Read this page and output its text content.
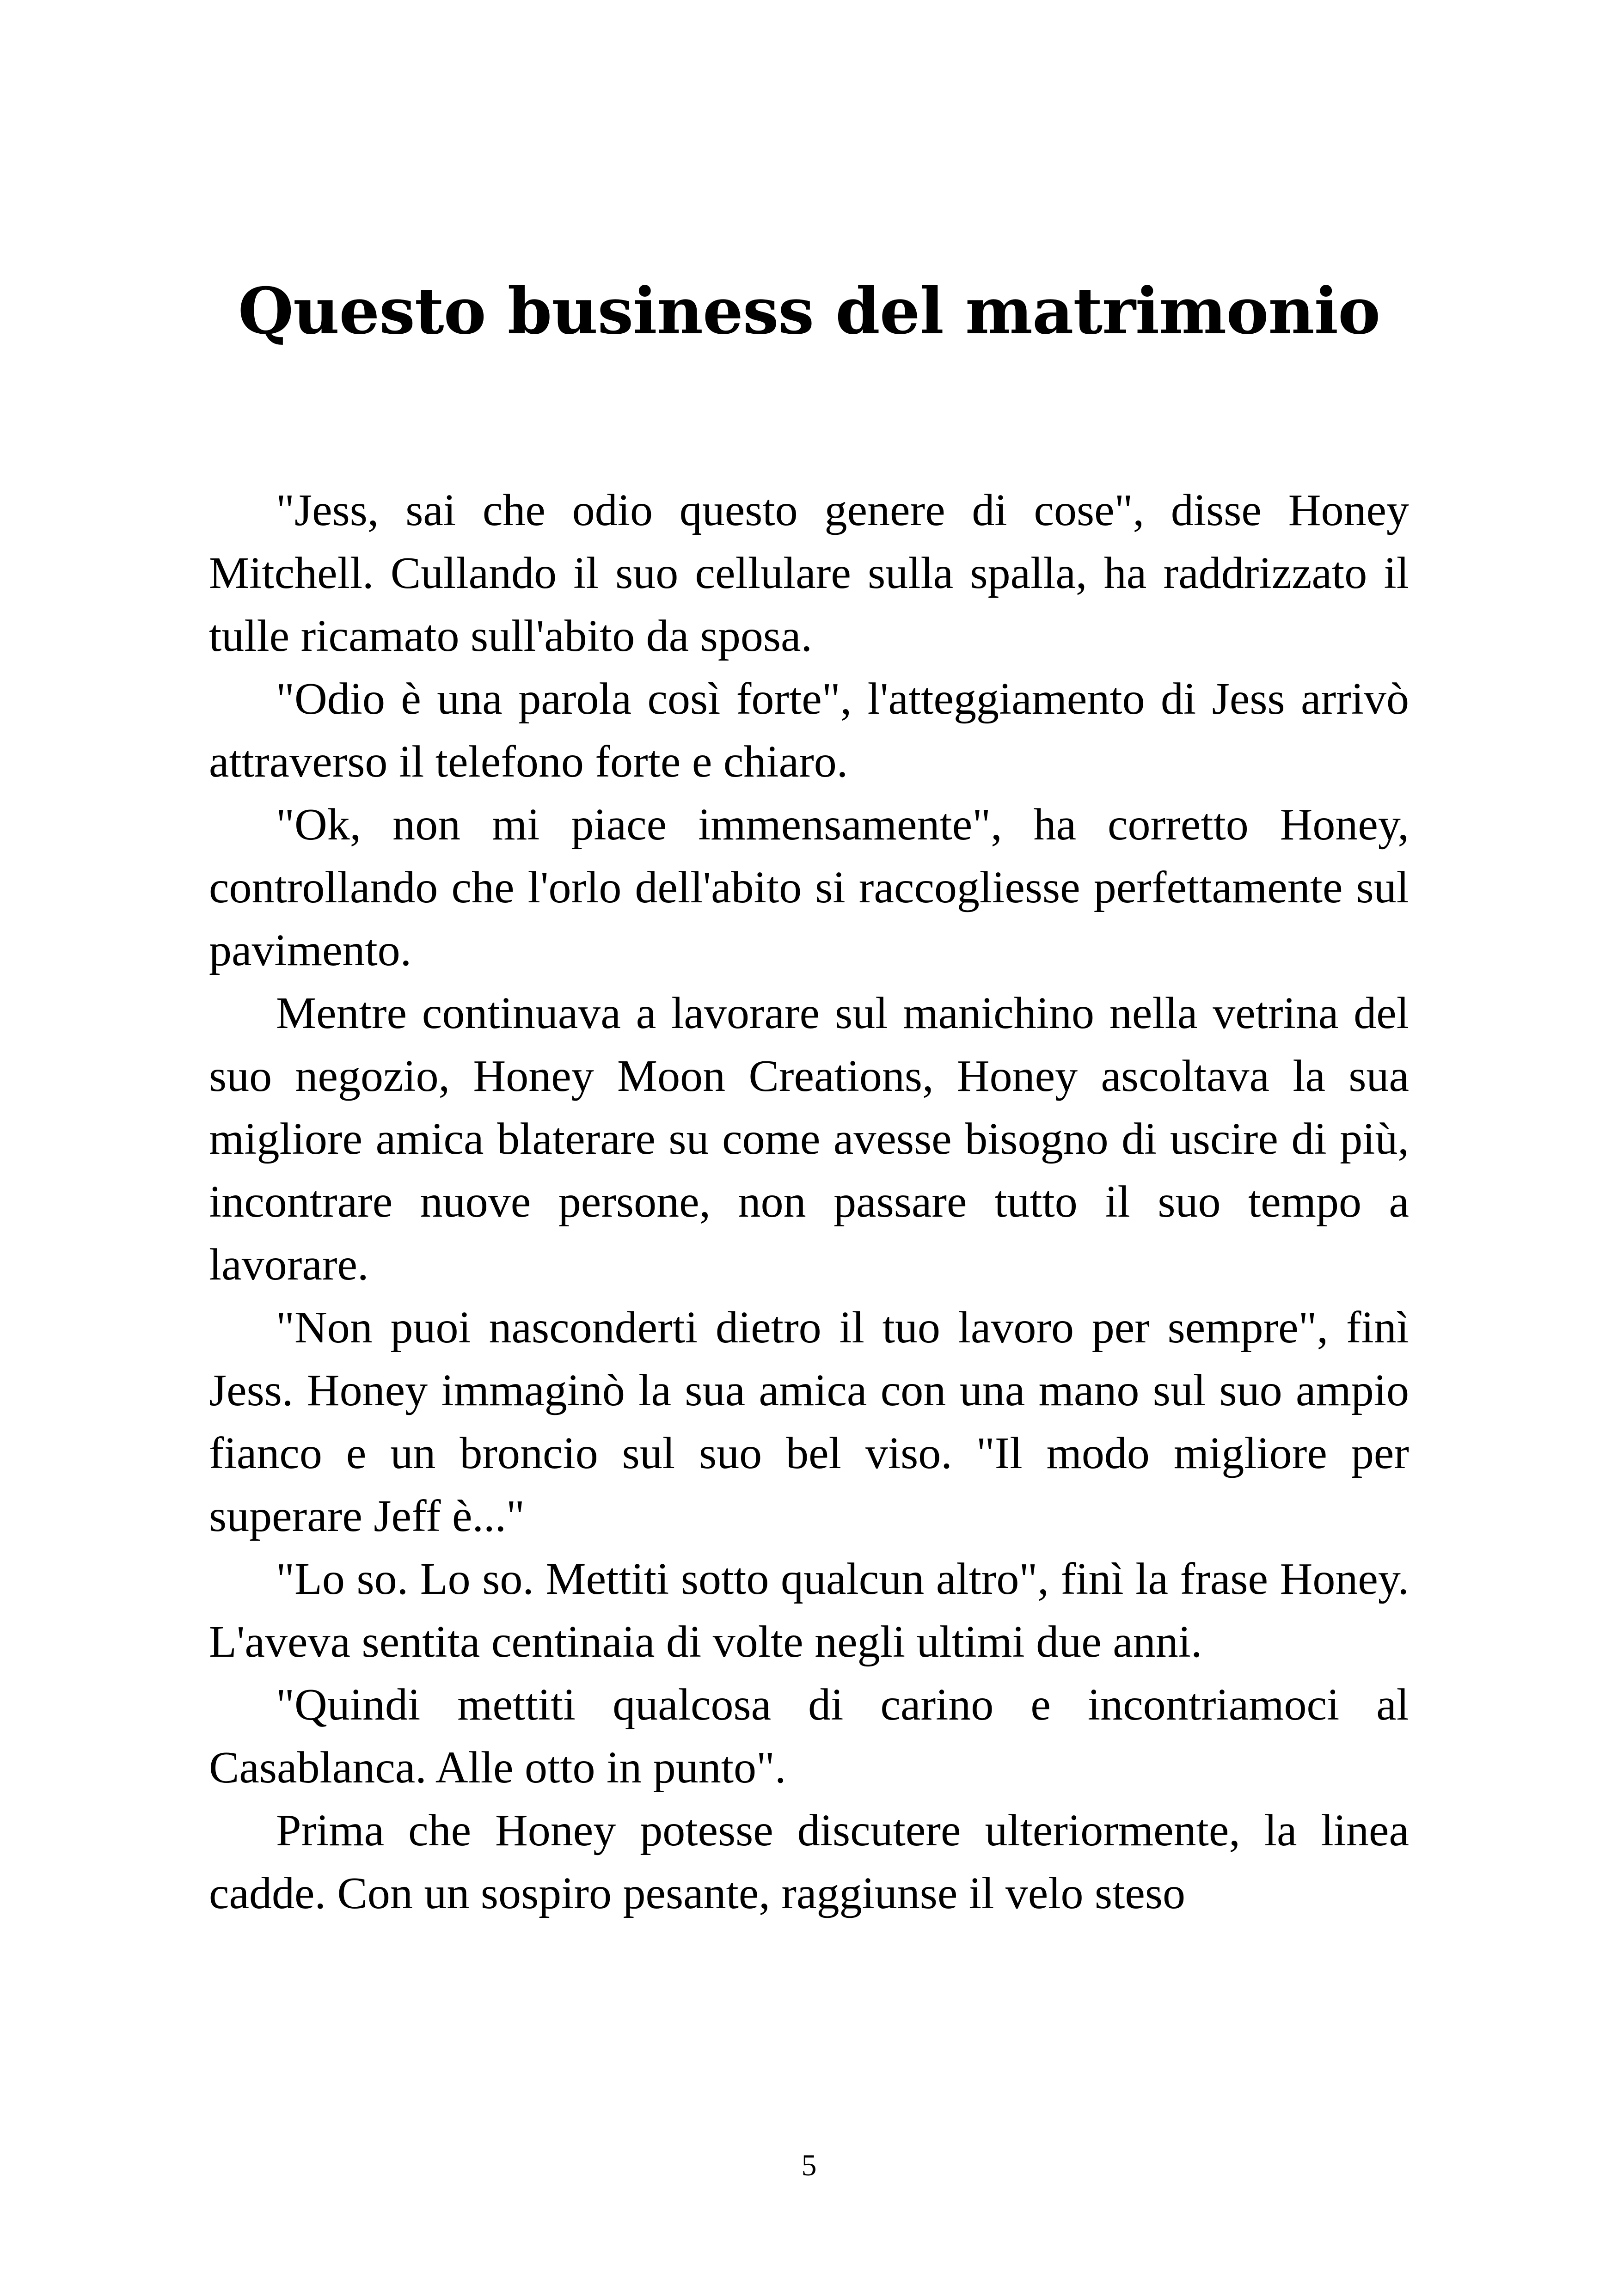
Questo business del matrimonio

"Jess, sai che odio questo genere di cose", disse Honey Mitchell. Cullando il suo cellulare sulla spalla, ha raddrizzato il tulle ricamato sull'abito da sposa.

"Odio è una parola così forte", l'atteggiamento di Jess arrivò attraverso il telefono forte e chiaro.

"Ok, non mi piace immensamente", ha corretto Honey, controllando che l'orlo dell'abito si raccogliesse perfettamente sul pavimento.

Mentre continuava a lavorare sul manichino nella vetrina del suo negozio, Honey Moon Creations, Honey ascoltava la sua migliore amica blaterare su come avesse bisogno di uscire di più, incontrare nuove persone, non passare tutto il suo tempo a lavorare.

"Non puoi nasconderti dietro il tuo lavoro per sempre", finì Jess. Honey immaginò la sua amica con una mano sul suo ampio fianco e un broncio sul suo bel viso. "Il modo migliore per superare Jeff è..."

"Lo so. Lo so. Mettiti sotto qualcun altro", finì la frase Honey. L'aveva sentita centinaia di volte negli ultimi due anni.

"Quindi mettiti qualcosa di carino e incontriamoci al Casablanca. Alle otto in punto".

Prima che Honey potesse discutere ulteriormente, la linea cadde. Con un sospiro pesante, raggiunse il velo steso

5
